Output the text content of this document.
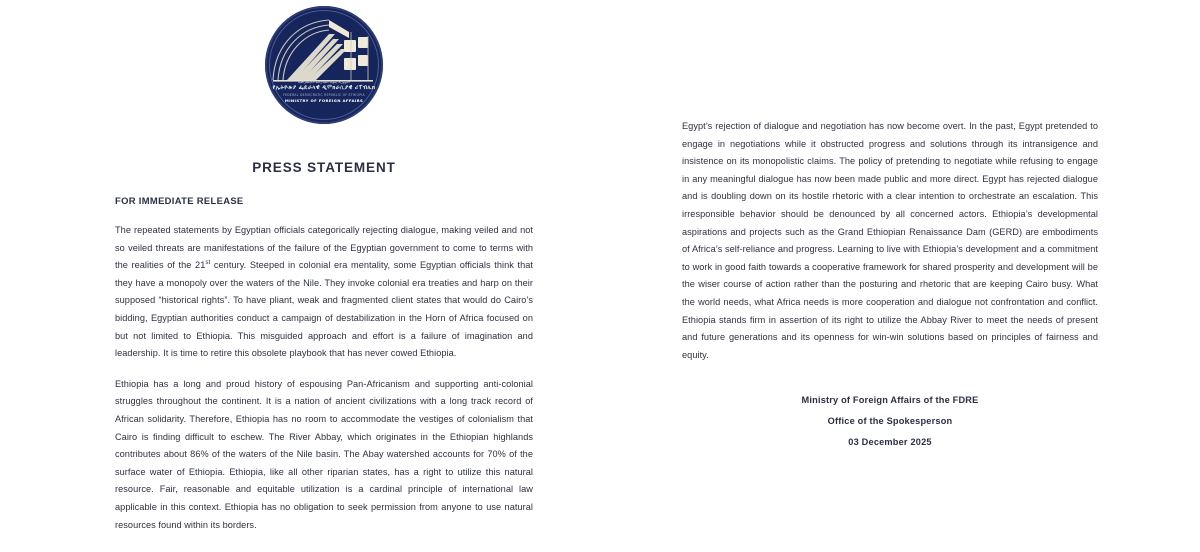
جمهورية إثيوبيا الفيدرالية الديمقراطية
የኢትዮጵያ ፌዴራላዊ ዲሞክራሲያዊ ሪፐብሊክ
FEDERAL DEMOCRATIC REPUBLIC OF ETHIOPIA
MINISTRY OF FOREIGN AFFAIRS
PRESS STATEMENT
FOR IMMEDIATE RELEASE
The repeated statements by Egyptian officials categorically rejecting dialogue, making veiled and not so veiled threats are manifestations of the failure of the Egyptian government to come to terms with the realities of the 21st century. Steeped in colonial era mentality, some Egyptian officials think that they have a monopoly over the waters of the Nile. They invoke colonial era treaties and harp on their supposed “historical rights”. To have pliant, weak and fragmented client states that would do Cairo’s bidding, Egyptian authorities conduct a campaign of destabilization in the Horn of Africa focused on but not limited to Ethiopia. This misguided approach and effort is a failure of imagination and leadership. It is time to retire this obsolete playbook that has never cowed Ethiopia.
Ethiopia has a long and proud history of espousing Pan-Africanism and supporting anti-colonial struggles throughout the continent. It is a nation of ancient civilizations with a long track record of African solidarity. Therefore, Ethiopia has no room to accommodate the vestiges of colonialism that Cairo is finding difficult to eschew. The River Abbay, which originates in the Ethiopian highlands contributes about 86% of the waters of the Nile basin. The Abay watershed accounts for 70% of the surface water of Ethiopia. Ethiopia, like all other riparian states, has a right to utilize this natural resource. Fair, reasonable and equitable utilization is a cardinal principle of international law applicable in this context. Ethiopia has no obligation to seek permission from anyone to use natural resources found within its borders.
Egypt’s rejection of dialogue and negotiation has now become overt. In the past, Egypt pretended to engage in negotiations while it obstructed progress and solutions through its intransigence and insistence on its monopolistic claims. The policy of pretending to negotiate while refusing to engage in any meaningful dialogue has now been made public and more direct. Egypt has rejected dialogue and is doubling down on its hostile rhetoric with a clear intention to orchestrate an escalation. This irresponsible behavior should be denounced by all concerned actors. Ethiopia’s developmental aspirations and projects such as the Grand Ethiopian Renaissance Dam (GERD) are embodiments of Africa’s self-reliance and progress. Learning to live with Ethiopia’s development and a commitment to work in good faith towards a cooperative framework for shared prosperity and development will be the wiser course of action rather than the posturing and rhetoric that are keeping Cairo busy. What the world needs, what Africa needs is more cooperation and dialogue not confrontation and conflict. Ethiopia stands firm in assertion of its right to utilize the Abbay River to meet the needs of present and future generations and its openness for win-win solutions based on principles of fairness and equity.
Ministry of Foreign Affairs of the FDRE
Office of the Spokesperson
03 December 2025
